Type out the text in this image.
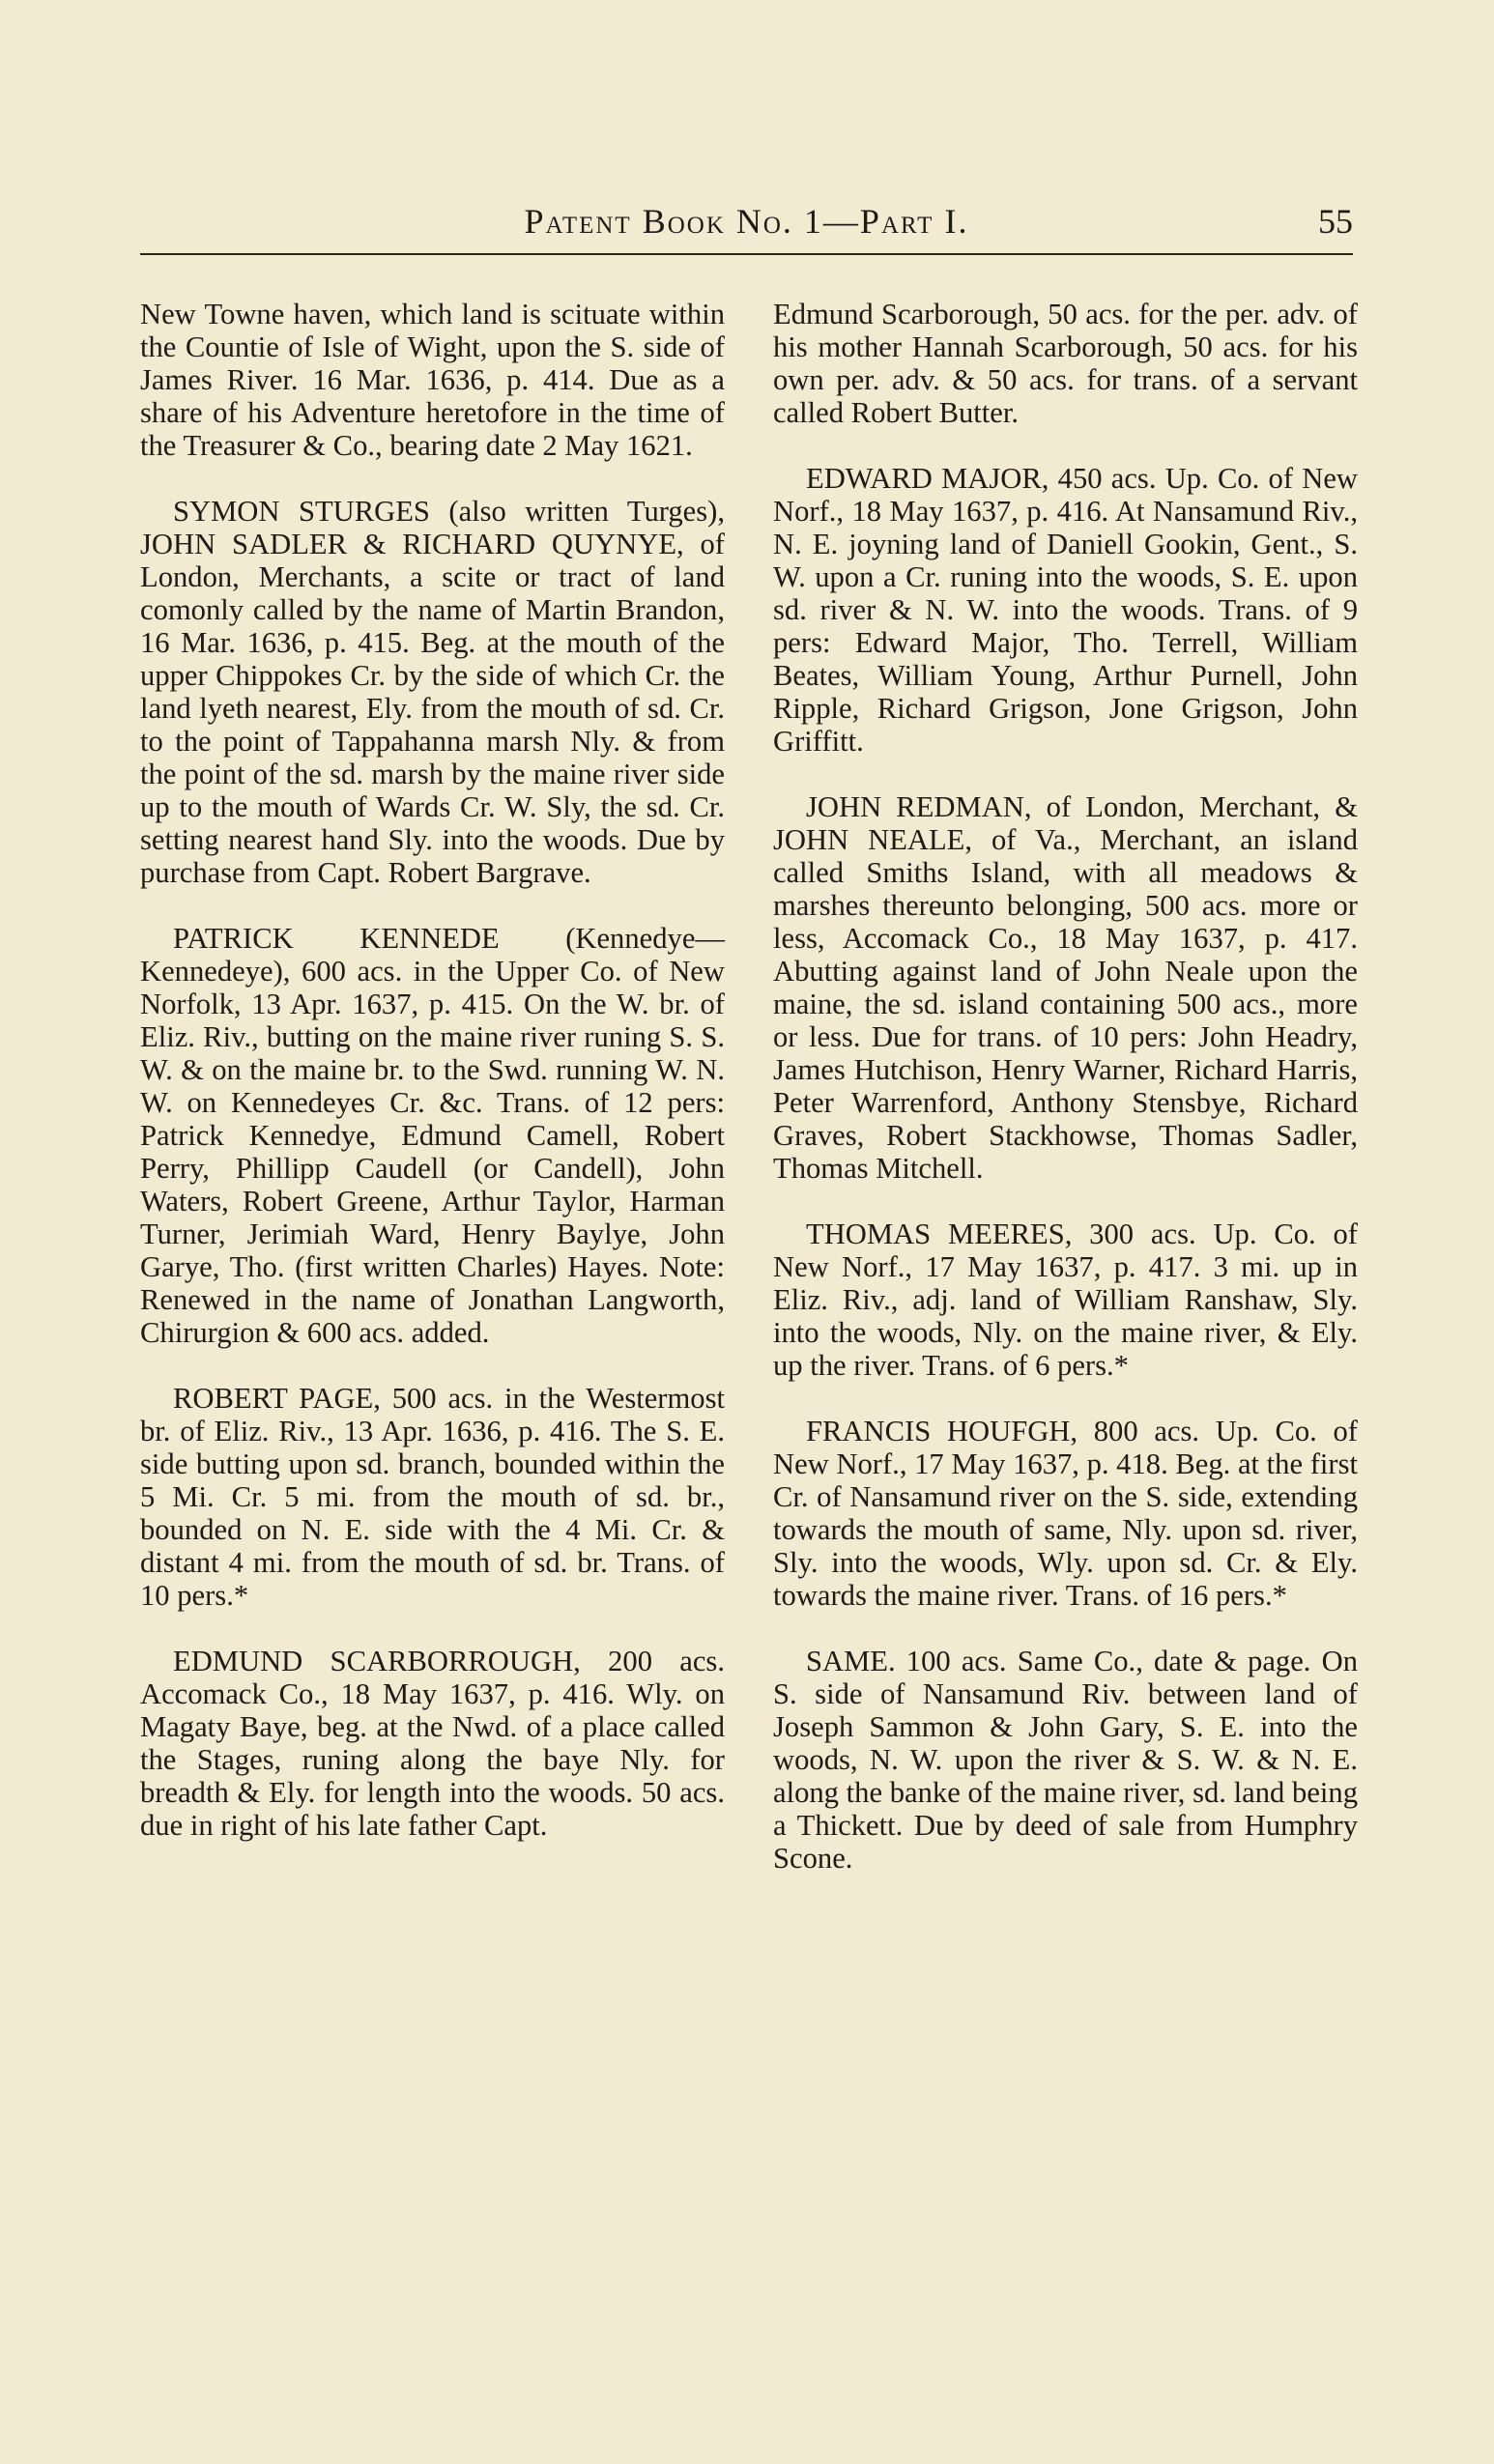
Patent Book No. 1—Part I.	55

New Towne haven, which land is scituate within the Countie of Isle of Wight, upon the S. side of James River. 16 Mar. 1636, p. 414. Due as a share of his Adventure heretofore in the time of the Treasurer & Co., bearing date 2 May 1621.

SYMON STURGES (also written Turges), JOHN SADLER & RICHARD QUYNYE, of London, Merchants, a scite or tract of land comonly called by the name of Martin Brandon, 16 Mar. 1636, p. 415. Beg. at the mouth of the upper Chippokes Cr. by the side of which Cr. the land lyeth nearest, Ely. from the mouth of sd. Cr. to the point of Tappahanna marsh Nly. & from the point of the sd. marsh by the maine river side up to the mouth of Wards Cr. W. Sly, the sd. Cr. setting nearest hand Sly. into the woods. Due by purchase from Capt. Robert Bargrave.

PATRICK KENNEDE (Kennedye—Kennedeye), 600 acs. in the Upper Co. of New Norfolk, 13 Apr. 1637, p. 415. On the W. br. of Eliz. Riv., butting on the maine river runing S. S. W. & on the maine br. to the Swd. running W. N. W. on Kennedeyes Cr. &c. Trans. of 12 pers: Patrick Kennedye, Edmund Camell, Robert Perry, Phillipp Caudell (or Candell), John Waters, Robert Greene, Arthur Taylor, Harman Turner, Jerimiah Ward, Henry Baylye, John Garye, Tho. (first written Charles) Hayes. Note: Renewed in the name of Jonathan Langworth, Chirurgion & 600 acs. added.

ROBERT PAGE, 500 acs. in the Westermost br. of Eliz. Riv., 13 Apr. 1636, p. 416. The S. E. side butting upon sd. branch, bounded within the 5 Mi. Cr. 5 mi. from the mouth of sd. br., bounded on N. E. side with the 4 Mi. Cr. & distant 4 mi. from the mouth of sd. br. Trans. of 10 pers.*

EDMUND SCARBORROUGH, 200 acs. Accomack Co., 18 May 1637, p. 416. Wly. on Magaty Baye, beg. at the Nwd. of a place called the Stages, runing along the baye Nly. for breadth & Ely. for length into the woods. 50 acs. due in right of his late father Capt.

Edmund Scarborough, 50 acs. for the per. adv. of his mother Hannah Scarborough, 50 acs. for his own per. adv. & 50 acs. for trans. of a servant called Robert Butter.

EDWARD MAJOR, 450 acs. Up. Co. of New Norf., 18 May 1637, p. 416. At Nansamund Riv., N. E. joyning land of Daniell Gookin, Gent., S. W. upon a Cr. runing into the woods, S. E. upon sd. river & N. W. into the woods. Trans. of 9 pers: Edward Major, Tho. Terrell, William Beates, William Young, Arthur Purnell, John Ripple, Richard Grigson, Jone Grigson, John Griffitt.

JOHN REDMAN, of London, Merchant, & JOHN NEALE, of Va., Merchant, an island called Smiths Island, with all meadows & marshes thereunto belonging, 500 acs. more or less, Accomack Co., 18 May 1637, p. 417. Abutting against land of John Neale upon the maine, the sd. island containing 500 acs., more or less. Due for trans. of 10 pers: John Headry, James Hutchison, Henry Warner, Richard Harris, Peter Warrenford, Anthony Stensbye, Richard Graves, Robert Stackhowse, Thomas Sadler, Thomas Mitchell.

THOMAS MEERES, 300 acs. Up. Co. of New Norf., 17 May 1637, p. 417. 3 mi. up in Eliz. Riv., adj. land of William Ranshaw, Sly. into the woods, Nly. on the maine river, & Ely. up the river. Trans. of 6 pers.*

FRANCIS HOUFGH, 800 acs. Up. Co. of New Norf., 17 May 1637, p. 418. Beg. at the first Cr. of Nansamund river on the S. side, extending towards the mouth of same, Nly. upon sd. river, Sly. into the woods, Wly. upon sd. Cr. & Ely. towards the maine river. Trans. of 16 pers.*

SAME. 100 acs. Same Co., date & page. On S. side of Nansamund Riv. between land of Joseph Sammon & John Gary, S. E. into the woods, N. W. upon the river & S. W. & N. E. along the banke of the maine river, sd. land being a Thickett. Due by deed of sale from Humphry Scone.
